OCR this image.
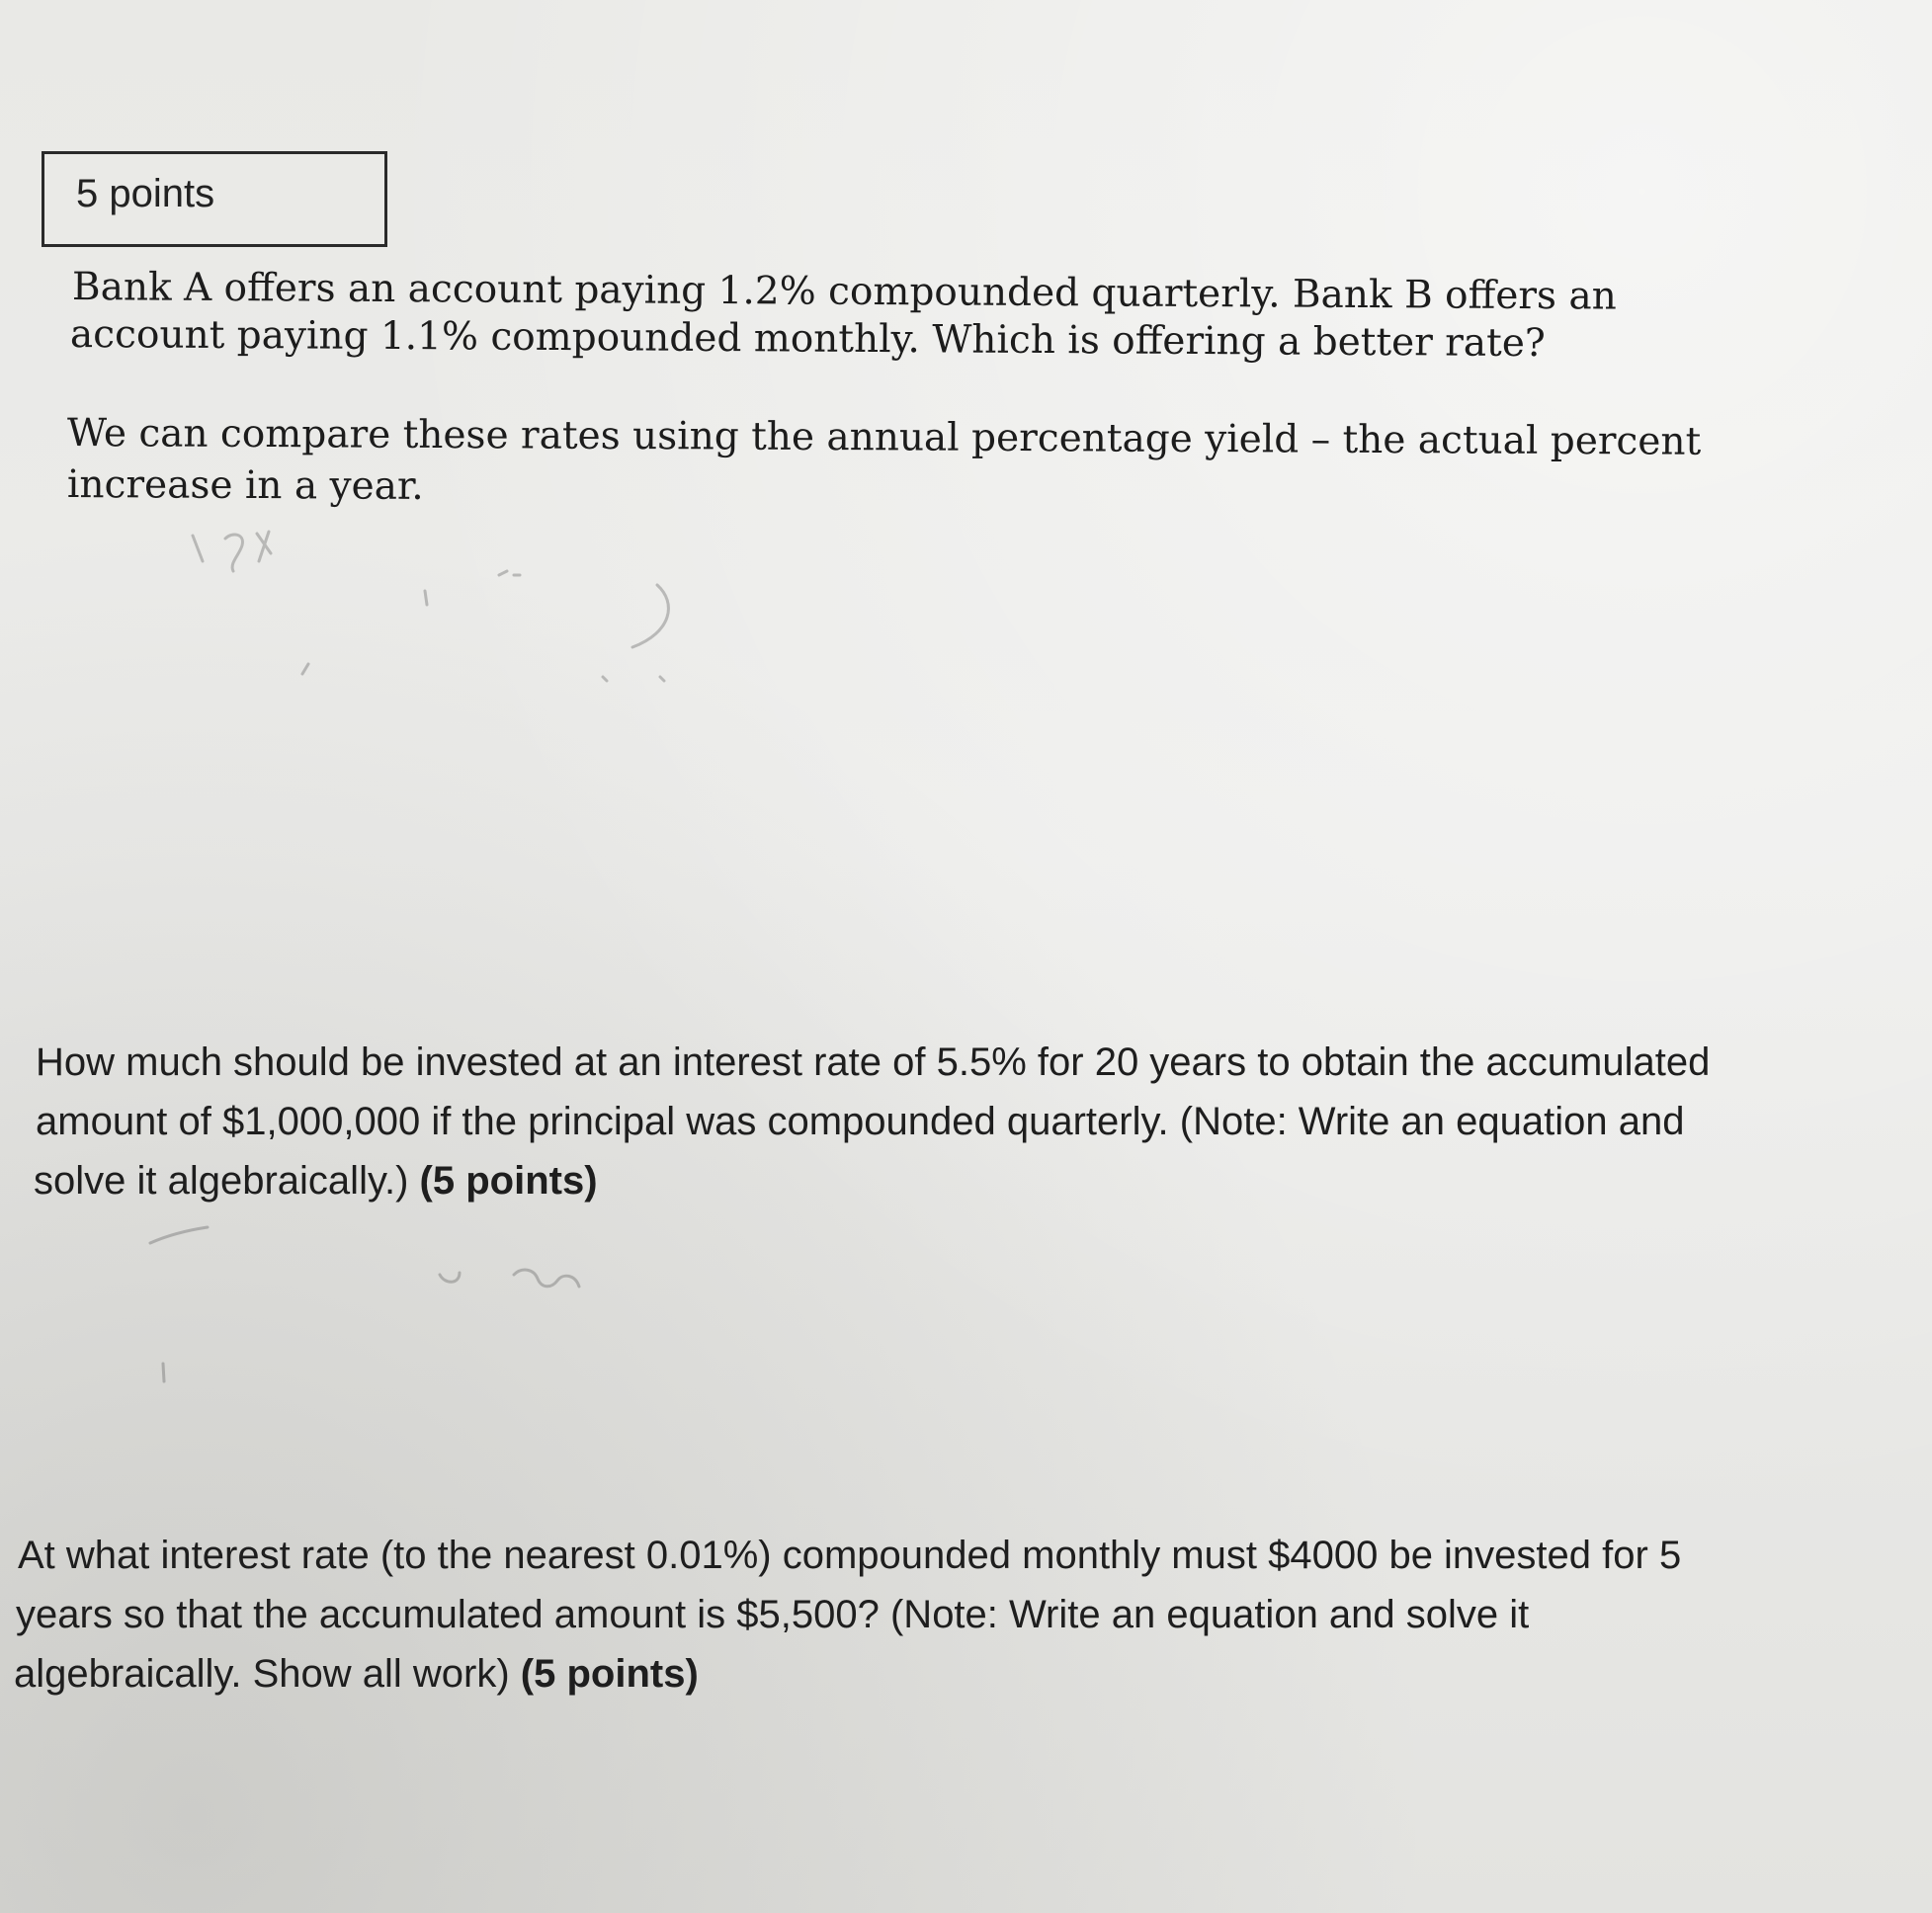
5 points
Bank A offers an account paying 1.2% compounded quarterly. Bank B offers an
account paying 1.1% compounded monthly. Which is offering a better rate?
We can compare these rates using the annual percentage yield – the actual percent
increase in a year.
How much should be invested at an interest rate of 5.5% for 20 years to obtain the accumulated
amount of $1,000,000 if the principal was compounded quarterly. (Note: Write an equation and
solve it algebraically.) (5 points)
At what interest rate (to the nearest 0.01%) compounded monthly must $4000 be invested for 5
years so that the accumulated amount is $5,500? (Note: Write an equation and solve it
algebraically. Show all work) (5 points)
